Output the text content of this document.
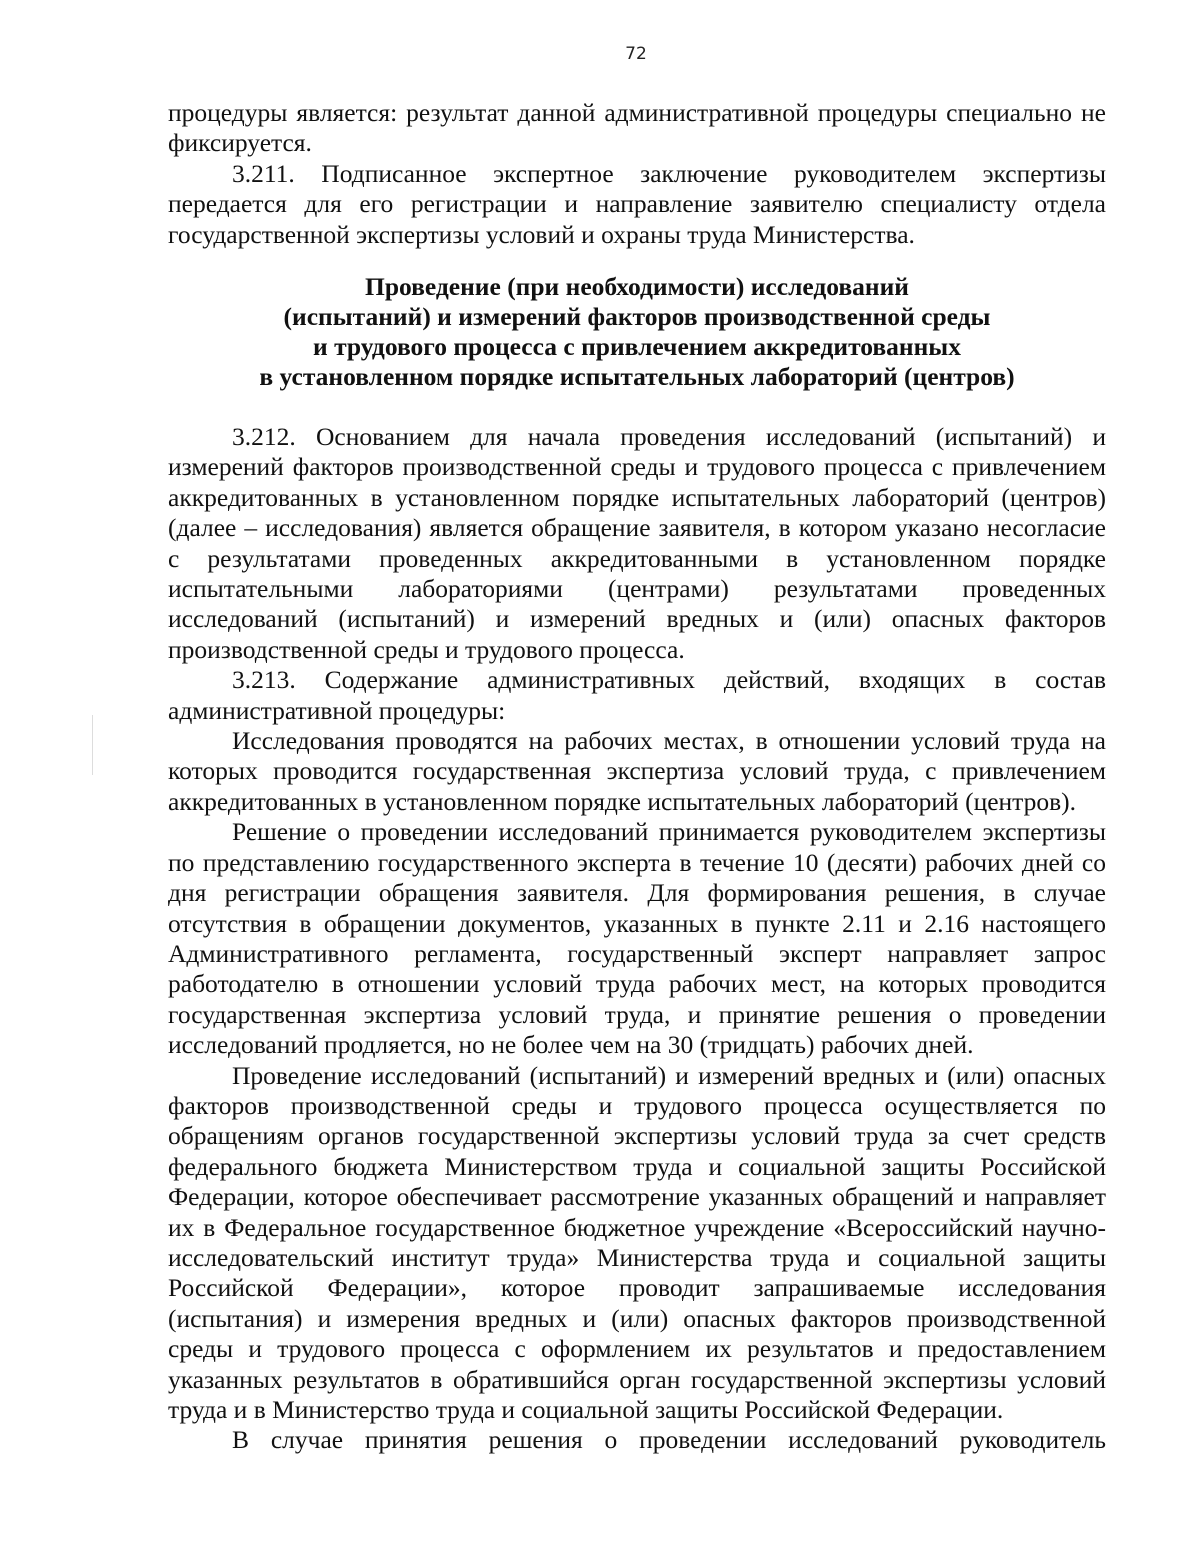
72
процедуры является: результат данной административной процедуры специально не
фиксируется.
3.211. Подписанное экспертное заключение руководителем экспертизы
передается для его регистрации и направление заявителю специалисту отдела
государственной экспертизы условий и охраны труда Министерства.
Проведение (при необходимости) исследований
(испытаний) и измерений факторов производственной среды
и трудового процесса с привлечением аккредитованных
в установленном порядке испытательных лабораторий (центров)
3.212. Основанием для начала проведения исследований (испытаний) и
измерений факторов производственной среды и трудового процесса с привлечением
аккредитованных в установленном порядке испытательных лабораторий (центров)
(далее – исследования) является обращение заявителя, в котором указано несогласие
с результатами проведенных аккредитованными в установленном порядке
испытательными лабораториями (центрами) результатами проведенных
исследований (испытаний) и измерений вредных и (или) опасных факторов
производственной среды и трудового процесса.
3.213. Содержание административных действий, входящих в состав
административной процедуры:
Исследования проводятся на рабочих местах, в отношении условий труда на
которых проводится государственная экспертиза условий труда, с привлечением
аккредитованных в установленном порядке испытательных лабораторий (центров).
Решение о проведении исследований принимается руководителем экспертизы
по представлению государственного эксперта в течение 10 (десяти) рабочих дней со
дня регистрации обращения заявителя. Для формирования решения, в случае
отсутствия в обращении документов, указанных в пункте 2.11 и 2.16 настоящего
Административного регламента, государственный эксперт направляет запрос
работодателю в отношении условий труда рабочих мест, на которых проводится
государственная экспертиза условий труда, и принятие решения о проведении
исследований продляется, но не более чем на 30 (тридцать) рабочих дней.
Проведение исследований (испытаний) и измерений вредных и (или) опасных
факторов производственной среды и трудового процесса осуществляется по
обращениям органов государственной экспертизы условий труда за счет средств
федерального бюджета Министерством труда и социальной защиты Российской
Федерации, которое обеспечивает рассмотрение указанных обращений и направляет
их в Федеральное государственное бюджетное учреждение «Всероссийский научно-
исследовательский институт труда» Министерства труда и социальной защиты
Российской Федерации», которое проводит запрашиваемые исследования
(испытания) и измерения вредных и (или) опасных факторов производственной
среды и трудового процесса с оформлением их результатов и предоставлением
указанных результатов в обратившийся орган государственной экспертизы условий
труда и в Министерство труда и социальной защиты Российской Федерации.
В случае принятия решения о проведении исследований руководитель
